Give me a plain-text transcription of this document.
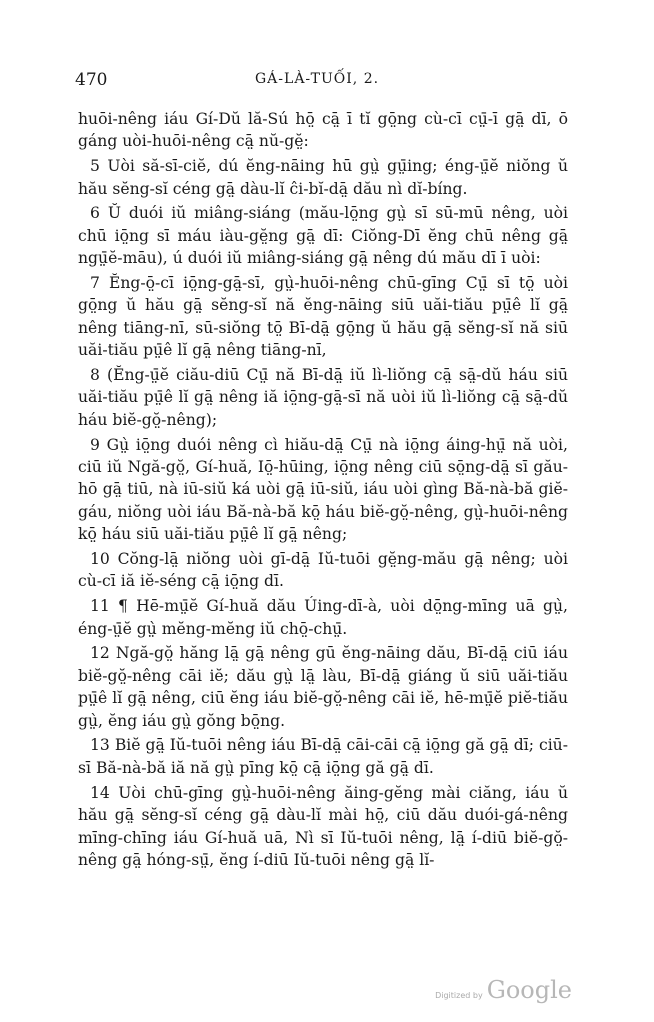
470	GÁ-LÀ-TUỐI, 2.

huōi-nêng iáu Gí-Dŭ lă-Sú hō̤ cā̤ ī tĭ gō̤ng cù-cī cṳ̄-ī gā̤ dī, ō gáng uòi-huōi-nêng cā̤ nŭ-gĕ̤:

5 Uòi să-sī-ciĕ, dú ĕng-nāing hū gṳ̀ gṳ̄ing; éng-ṳ̄ĕ niŏng ŭ hău sĕng-sĭ céng gā̤ dàu-lĭ ĉi-bĭ-dā̤ dău nì dĭ-bíng.

6 Ŭ duói iŭ miâng-siáng (mău-lō̤ng gṳ̀ sī sū-mū nêng, uòi chū iō̤ng sī máu iàu-gĕ̤ng gā̤ dī: Ciŏng-Dī ĕng chū nêng gā̤ ngṳ̄ĕ-māu), ú duói iŭ miâng-siáng gā̤ nêng dú mău dī ī uòi:

7 Ĕng-ō̤-cī iō̤ng-gā̤-sī, gṳ̀-huōi-nêng chū-gīng Cṳ̄ sī tō̤ uòi gō̤ng ŭ hău gā̤ sĕng-sĭ nă ĕng-nāing siū uăi-tiău pṳ̄ê lĭ gā̤ nêng tiāng-nī, sū-siŏng tō̤ Bī-dā̤ gō̤ng ŭ hău gā̤ sĕng-sĭ nă siū uăi-tiău pṳ̄ê lĭ gā̤ nêng tiāng-nī,

8 (Ĕng-ṳ̄ĕ ciău-diū Cṳ̄ nă Bī-dā̤ iŭ lì-liŏng cā̤ sā̤-dŭ háu siū uăi-tiău pṳ̄ê lĭ gā̤ nêng iă iō̤ng-gā̤-sī nă uòi iŭ lì-liŏng cā̤ sā̤-dŭ háu biĕ-gŏ̤-nêng);

9 Gṳ̀ iō̤ng duói nêng cì hiău-dā̤ Cṳ̄ nà iō̤ng áing-hṳ̄ nă uòi, ciū iŭ Ngă-gŏ̤, Gí-huă, Iō̤-hūing, iō̤ng nêng ciū sō̤ng-dā̤ sī gău-hō gā̤ tiū, nà iū-siŭ ká uòi gā̤ iū-siŭ, iáu uòi gìng Bă-nà-bă giĕ-gáu, niŏng uòi iáu Bă-nà-bă kō̤ háu biĕ-gŏ̤-nêng, gṳ̀-huōi-nêng kō̤ háu siū uăi-tiău pṳ̄ê lĭ gā̤ nêng;

10 Cŏng-lā̤ niŏng uòi gī-dā̤ Iŭ-tuōi gĕ̤ng-mău gā̤ nêng; uòi cù-cī iă iĕ-séng cā̤ iō̤ng dī.

11 ¶ Hē-mṳ̄ĕ Gí-huă dău Úing-dī-à, uòi dō̤ng-mīng uā gṳ̀, éng-ṳ̄ĕ gṳ̀ mĕng-mĕng iŭ chō̤-chṳ̄.

12 Ngă-gŏ̤ hăng lā̤ gā̤ nêng gū ĕng-nāing dău, Bī-dā̤ ciū iáu biĕ-gŏ̤-nêng cāi iĕ; dău gṳ̀ lā̤ làu, Bī-dā̤ giáng ŭ siū uăi-tiău pṳ̄ê lĭ gā̤ nêng, ciū ĕng iáu biĕ-gŏ̤-nêng cāi iĕ, hē-mṳ̄ĕ piĕ-tiău gṳ̀, ĕng iáu gṳ̀ gŏng bō̤ng.

13 Biĕ gā̤ Iŭ-tuōi nêng iáu Bī-dā̤ cāi-cāi cā̤ iō̤ng gă gā̤ dī; ciū-sī Bă-nà-bă iă nă gṳ̀ pīng kō̤ cā̤ iō̤ng gă gā̤ dī.

14 Uòi chū-gīng gṳ̀-huōi-nêng ăing-gĕng mài ciăng, iáu ŭ hău gā̤ sĕng-sĭ céng gā̤ dàu-lĭ mài hō̤, ciū dău duói-gá-nêng mīng-chīng iáu Gí-huă uā, Nì sī Iŭ-tuōi nêng, lā̤ í-diū biĕ-gŏ̤-nêng gā̤ hóng-sṳ̄, ĕng í-diū Iŭ-tuōi nêng gā̤ lĭ-

Digitized by Google
